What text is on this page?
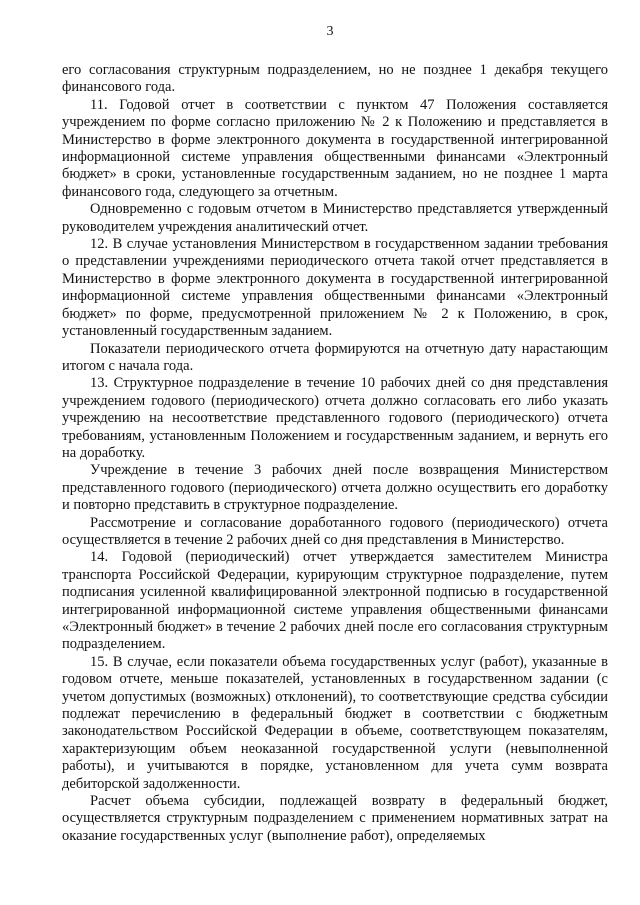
3

его согласования структурным подразделением, но не позднее 1 декабря текущего финансового года.

11. Годовой отчет в соответствии с пунктом 47 Положения составляется учреждением по форме согласно приложению № 2 к Положению и представляется в Министерство в форме электронного документа в государственной интегрированной информационной системе управления общественными финансами «Электронный бюджет» в сроки, установленные государственным заданием, но не позднее 1 марта финансового года, следующего за отчетным.

Одновременно с годовым отчетом в Министерство представляется утвержденный руководителем учреждения аналитический отчет.

12. В случае установления Министерством в государственном задании требования о представлении учреждениями периодического отчета такой отчет представляется в Министерство в форме электронного документа в государственной интегрированной информационной системе управления общественными финансами «Электронный бюджет» по форме, предусмотренной приложением № 2 к Положению, в срок, установленный государственным заданием.

Показатели периодического отчета формируются на отчетную дату нарастающим итогом с начала года.

13. Структурное подразделение в течение 10 рабочих дней со дня представления учреждением годового (периодического) отчета должно согласовать его либо указать учреждению на несоответствие представленного годового (периодического) отчета требованиям, установленным Положением и государственным заданием, и вернуть его на доработку.

Учреждение в течение 3 рабочих дней после возвращения Министерством представленного годового (периодического) отчета должно осуществить его доработку и повторно представить в структурное подразделение.

Рассмотрение и согласование доработанного годового (периодического) отчета осуществляется в течение 2 рабочих дней со дня представления в Министерство.

14. Годовой (периодический) отчет утверждается заместителем Министра транспорта Российской Федерации, курирующим структурное подразделение, путем подписания усиленной квалифицированной электронной подписью в государственной интегрированной информационной системе управления общественными финансами «Электронный бюджет» в течение 2 рабочих дней после его согласования структурным подразделением.

15. В случае, если показатели объема государственных услуг (работ), указанные в годовом отчете, меньше показателей, установленных в государственном задании (с учетом допустимых (возможных) отклонений), то соответствующие средства субсидии подлежат перечислению в федеральный бюджет в соответствии с бюджетным законодательством Российской Федерации в объеме, соответствующем показателям, характеризующим объем неоказанной государственной услуги (невыполненной работы), и учитываются в порядке, установленном для учета сумм возврата дебиторской задолженности.

Расчет объема субсидии, подлежащей возврату в федеральный бюджет, осуществляется структурным подразделением с применением нормативных затрат на оказание государственных услуг (выполнение работ), определяемых
